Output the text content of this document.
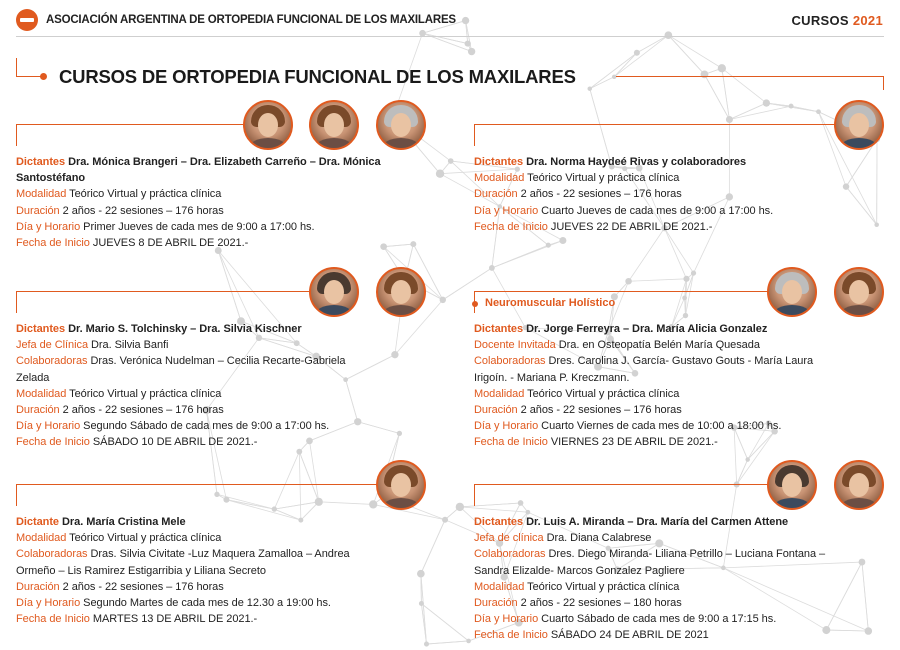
ASOCIACIÓN ARGENTINA DE ORTOPEDIA FUNCIONAL DE LOS MAXILARES	CURSOS 2021
CURSOS DE ORTOPEDIA FUNCIONAL DE LOS MAXILARES
Dictantes Dra. Mónica Brangeri – Dra. Elizabeth Carreño – Dra. Mónica
Santostéfano
Modalidad Teórico Virtual y práctica clínica
Duración 2 años - 22 sesiones – 176 horas
Día y Horario Primer Jueves de cada mes de 9:00 a 17:00 hs.
Fecha de Inicio JUEVES 8 DE ABRIL DE 2021.-
Dictantes Dra. Norma Haydeé Rivas y colaboradores
Modalidad Teórico Virtual y práctica clínica
Duración 2 años - 22 sesiones – 176 horas
Día y Horario Cuarto Jueves de cada mes de 9:00 a 17:00 hs.
Fecha de Inicio JUEVES 22 DE ABRIL DE 2021.-
Dictantes Dr. Mario S. Tolchinsky – Dra. Silvia Kischner
Jefa de Clínica Dra. Silvia Banfi
Colaboradoras Dras. Verónica Nudelman – Cecilia Recarte-Gabriela
Zelada
Modalidad Teórico Virtual y práctica clínica
Duración 2 años - 22 sesiones – 176 horas
Día y Horario Segundo Sábado de cada mes de 9:00 a 17:00 hs.
Fecha de Inicio SÁBADO 10 DE ABRIL DE 2021.-
Neuromuscular Holístico
Dictantes Dr. Jorge Ferreyra – Dra. María Alicia Gonzalez
Docente Invitada Dra. en Osteopatía Belén María Quesada
Colaboradoras Dres. Carolina J. García- Gustavo Gouts - María Laura
Irigoín. - Mariana P. Kreczmann.
Modalidad Teórico Virtual y práctica clínica
Duración 2 años - 22 sesiones – 176 horas
Día y Horario Cuarto Viernes de cada mes de 10:00 a 18:00 hs.
Fecha de Inicio VIERNES 23 DE ABRIL DE 2021.-
Dictante Dra. María Cristina Mele
Modalidad Teórico Virtual y práctica clínica
Colaboradoras Dras. Silvia Civitate -Luz Maquera Zamalloa – Andrea
Ormeño – Lis Ramirez Estigarribia y Liliana Secreto
Duración 2 años - 22 sesiones – 176 horas
Día y Horario Segundo Martes de cada mes de 12.30 a 19:00 hs.
Fecha de Inicio MARTES 13 DE ABRIL DE 2021.-
Dictantes Dr. Luis A. Miranda – Dra. María del Carmen Attene
Jefa de clínica Dra. Diana Calabrese
Colaboradoras Dres. Diego Miranda- Liliana Petrillo – Luciana Fontana –
Sandra Elizalde- Marcos Gonzalez Pagliere
Modalidad Teórico Virtual y práctica clínica
Duración 2 años - 22 sesiones – 180 horas
Día y Horario Cuarto Sábado de cada mes de 9:00 a 17:15 hs.
Fecha de Inicio SÁBADO 24 DE ABRIL DE 2021
